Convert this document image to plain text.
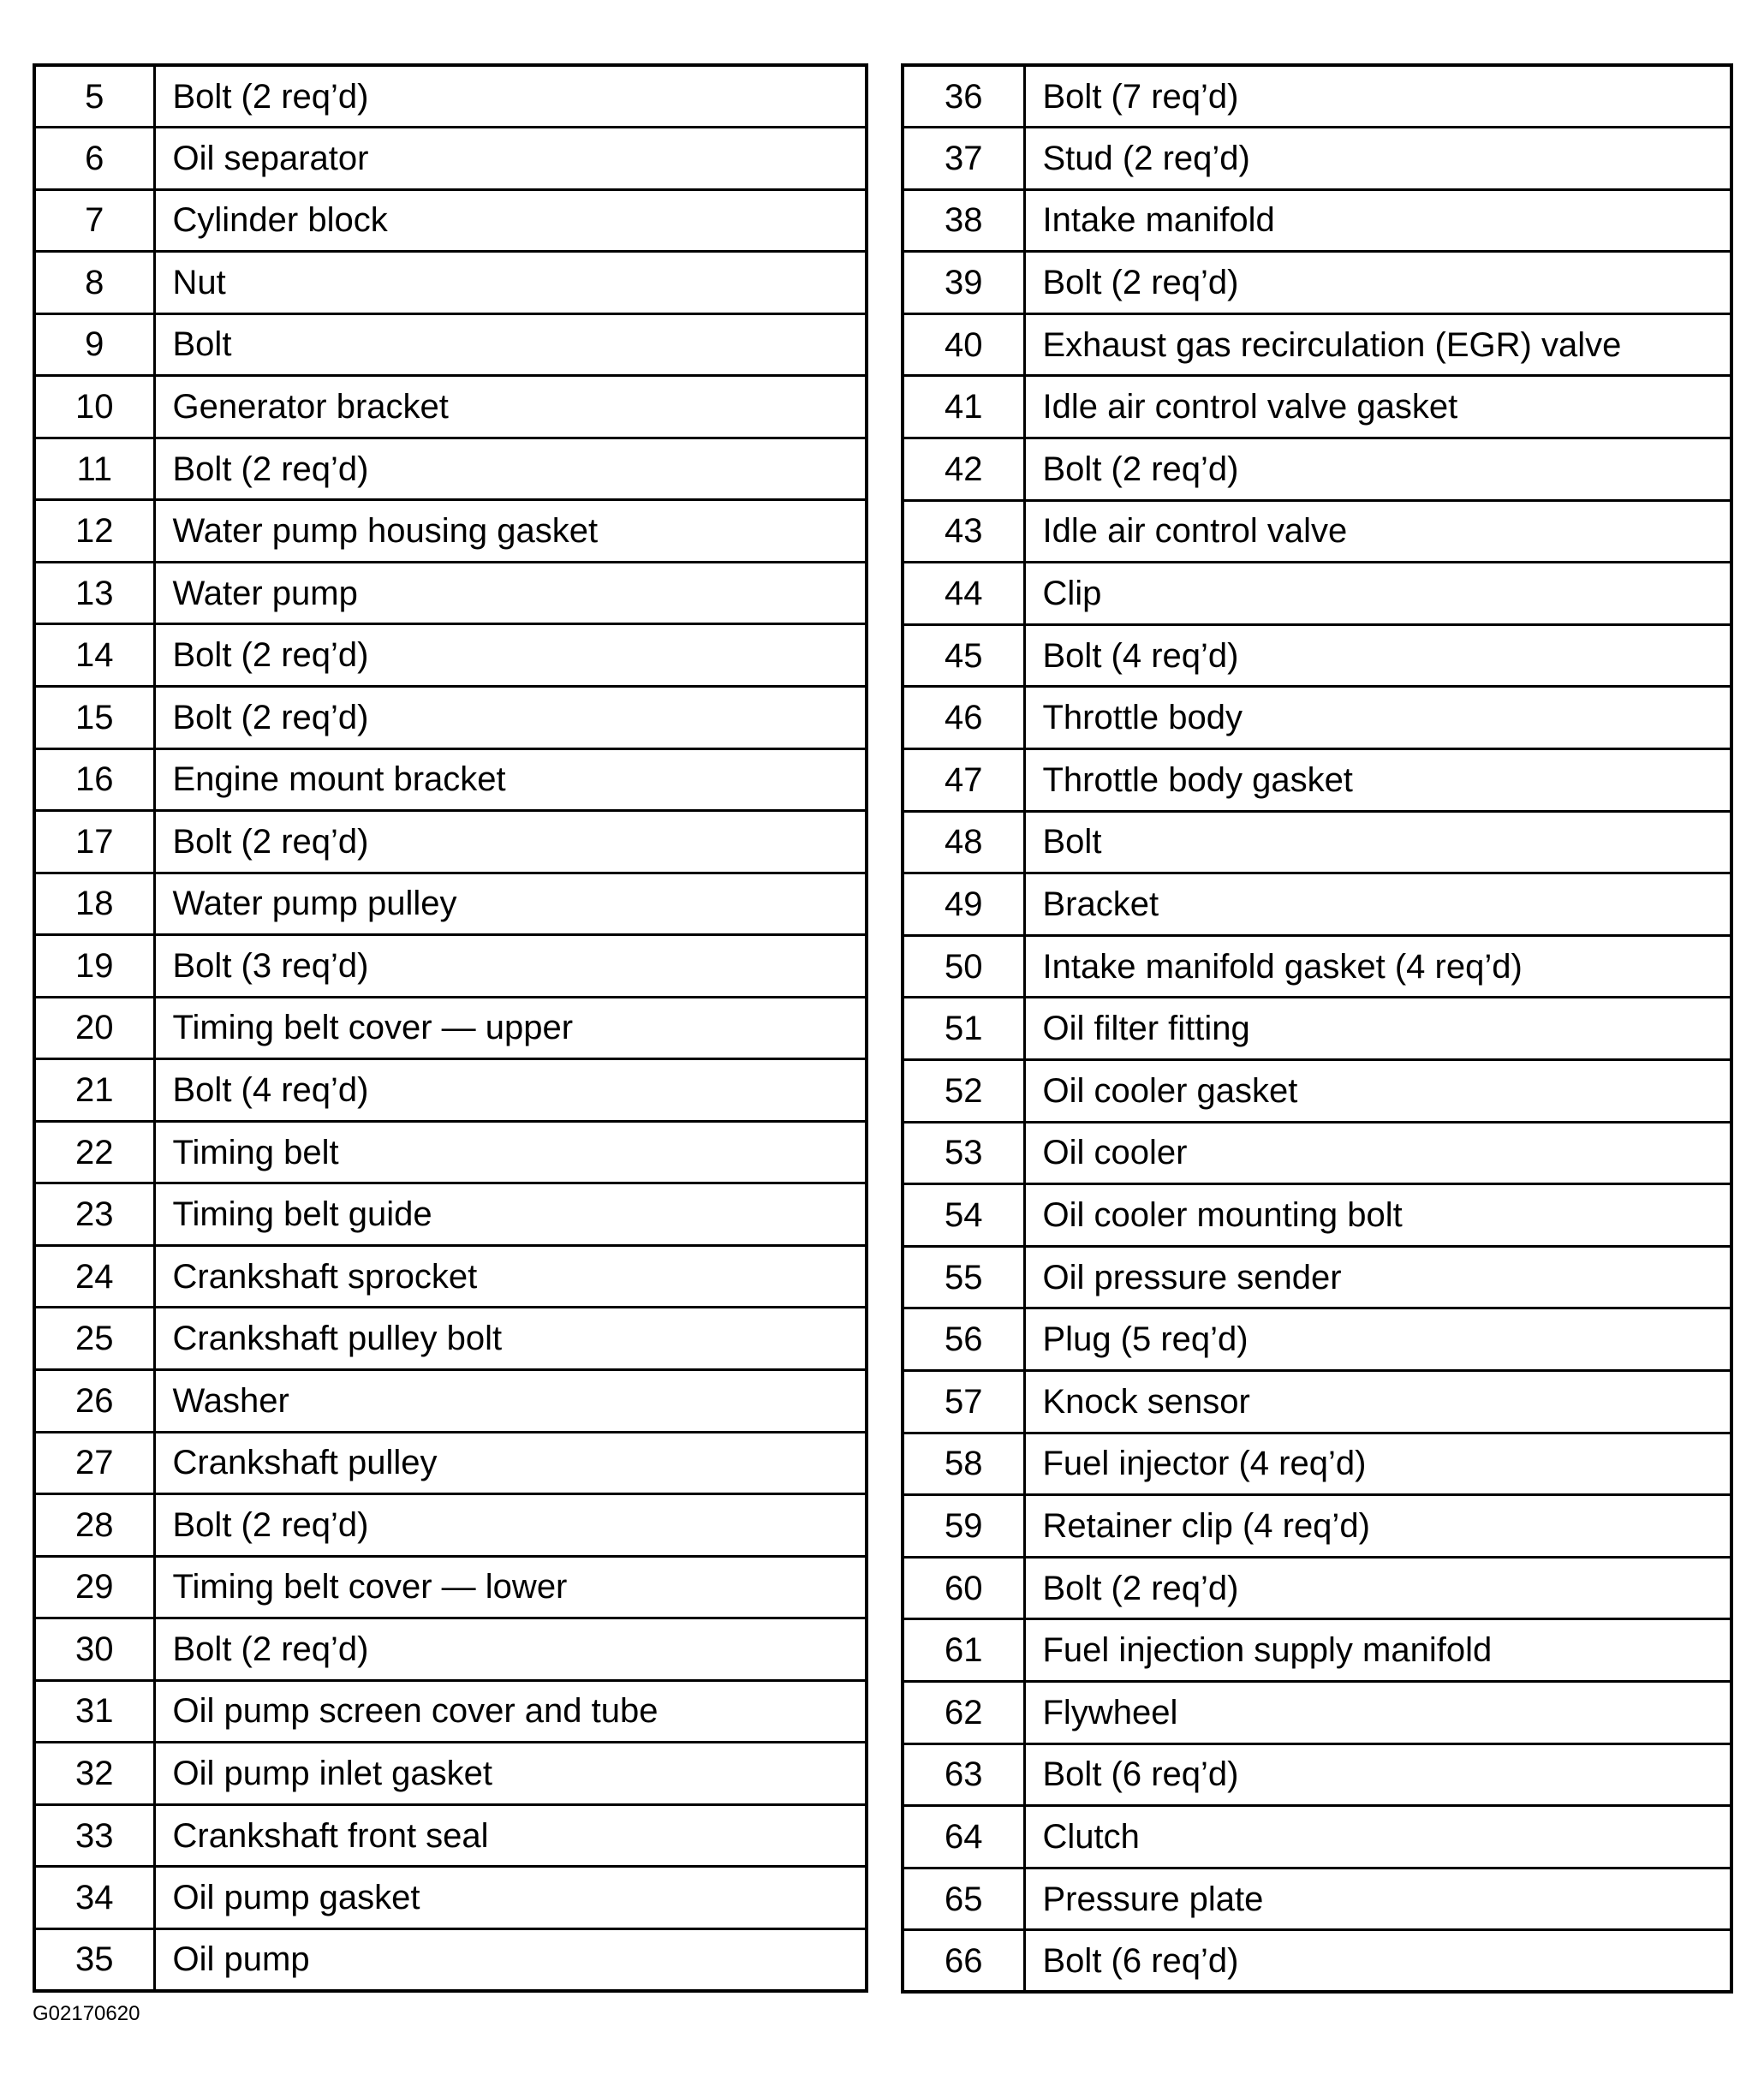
5	Bolt (2 req’d)
6	Oil separator
7	Cylinder block
8	Nut
9	Bolt
10	Generator bracket
11	Bolt (2 req’d)
12	Water pump housing gasket
13	Water pump
14	Bolt (2 req’d)
15	Bolt (2 req’d)
16	Engine mount bracket
17	Bolt (2 req’d)
18	Water pump pulley
19	Bolt (3 req’d)
20	Timing belt cover — upper
21	Bolt (4 req’d)
22	Timing belt
23	Timing belt guide
24	Crankshaft sprocket
25	Crankshaft pulley bolt
26	Washer
27	Crankshaft pulley
28	Bolt (2 req’d)
29	Timing belt cover — lower
30	Bolt (2 req’d)
31	Oil pump screen cover and tube
32	Oil pump inlet gasket
33	Crankshaft front seal
34	Oil pump gasket
35	Oil pump
36	Bolt (7 req’d)
37	Stud (2 req’d)
38	Intake manifold
39	Bolt (2 req’d)
40	Exhaust gas recirculation (EGR) valve
41	Idle air control valve gasket
42	Bolt (2 req’d)
43	Idle air control valve
44	Clip
45	Bolt (4 req’d)
46	Throttle body
47	Throttle body gasket
48	Bolt
49	Bracket
50	Intake manifold gasket (4 req’d)
51	Oil filter fitting
52	Oil cooler gasket
53	Oil cooler
54	Oil cooler mounting bolt
55	Oil pressure sender
56	Plug (5 req’d)
57	Knock sensor
58	Fuel injector (4 req’d)
59	Retainer clip (4 req’d)
60	Bolt (2 req’d)
61	Fuel injection supply manifold
62	Flywheel
63	Bolt (6 req’d)
64	Clutch
65	Pressure plate
66	Bolt (6 req’d)
G02170620
